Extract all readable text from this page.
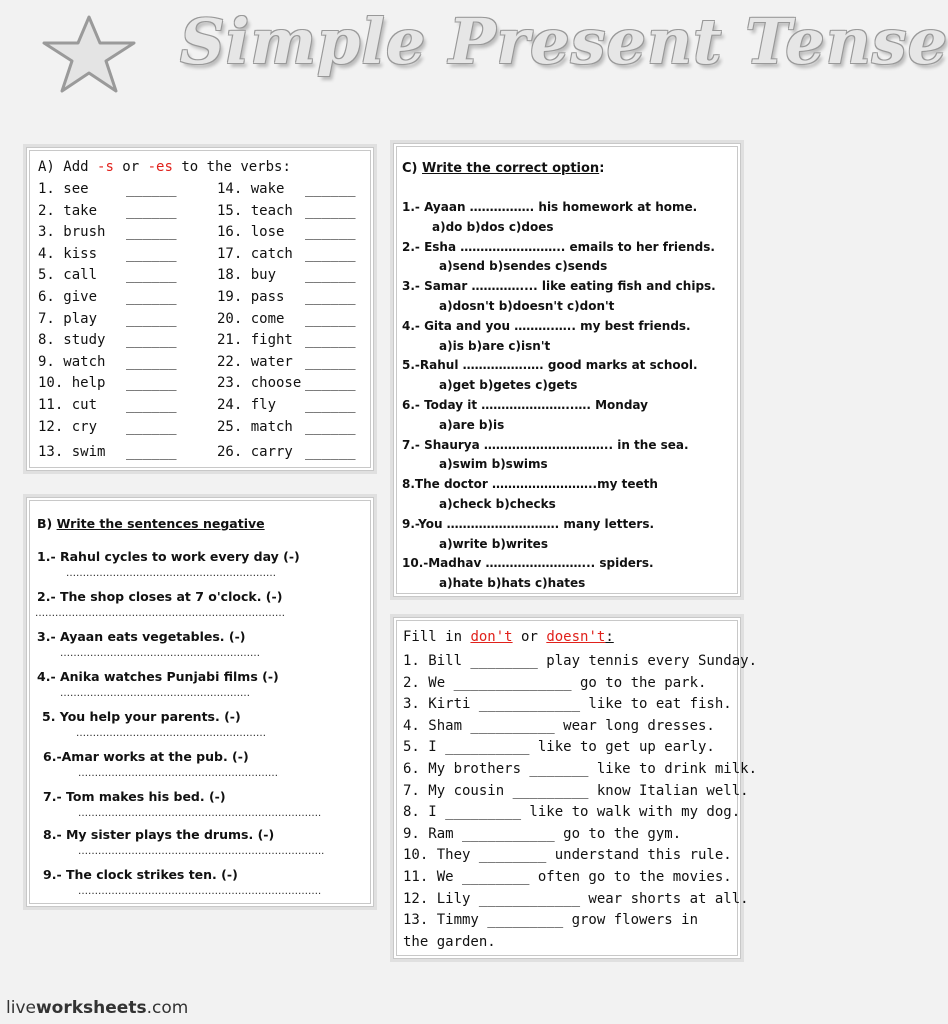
Simple Present Tense
A) Add -s or -es to the verbs:
1. see	______
2. take ______
3. brush ______
4. kiss ______
5. call ______
6. give ______
7. play ______
8. study ______
9. watch ______
10. help ______
11. cut ______
12. cry ______
13. swim ______
14. wake ______
15. teach ______
16. lose ______
17. catch ______
18. buy ______
19. pass ______
20. come ______
21. fight ______
22. water ______
23. choose ______
24. fly ______
25. match ______
26. carry ______
B) Write the sentences negative
1.- Rahul cycles to work every day (-)
………………………………………………………
2.- The shop closes at 7 o'clock. (-)
…………………………………………………………………
3.- Ayaan eats vegetables. (-)
……………………………………………………
4.- Anika watches Punjabi films (-)
…………………………………………………
5. You help your parents. (-)
…………………………………………………
6.-Amar works at the pub. (-)
……………………………………………………
7.- Tom makes his bed. (-)
……………………………………………………………….
8.- My sister plays the drums. (-)
………………………………………………………………..
9.- The clock strikes ten. (-)
……………………………………………………………….
C) Write the correct option:
1.- Ayaan ……………. his homework at home.
a)do b)dos c)does
2.- Esha …………………….. emails to her friends.
a)send b)sendes c)sends
3.- Samar ………….... like eating fish and chips.
a)dosn't b)doesn't c)don't
4.- Gita and you ……….….. my best friends.
a)is b)are c)isn't
5.-Rahul …………….…. good marks at school.
a)get b)getes c)gets
6.- Today it …………………..…. Monday
a)are b)is
7.- Shaurya ………………………….. in the sea.
a)swim b)swims
8.The doctor ……………………..my teeth
a)check b)checks
9.-You ………………………. many letters.
a)write b)writes
10.-Madhav ……………………... spiders.
a)hate b)hats c)hates
Fill in don't or doesn't:
1. Bill ________ play tennis every Sunday.
2. We ______________ go to the park.
3. Kirti ____________ like to eat fish.
4. Sham __________ wear long dresses.
5. I __________ like to get up early.
6. My brothers _______ like to drink milk.
7. My cousin _________ know Italian well.
8. I _________ like to walk with my dog.
9. Ram ___________ go to the gym.
10. They ________ understand this rule.
11. We ________ often go to the movies.
12. Lily ____________ wear shorts at all.
13. Timmy _________ grow flowers in
the garden.
liveworksheets.com
